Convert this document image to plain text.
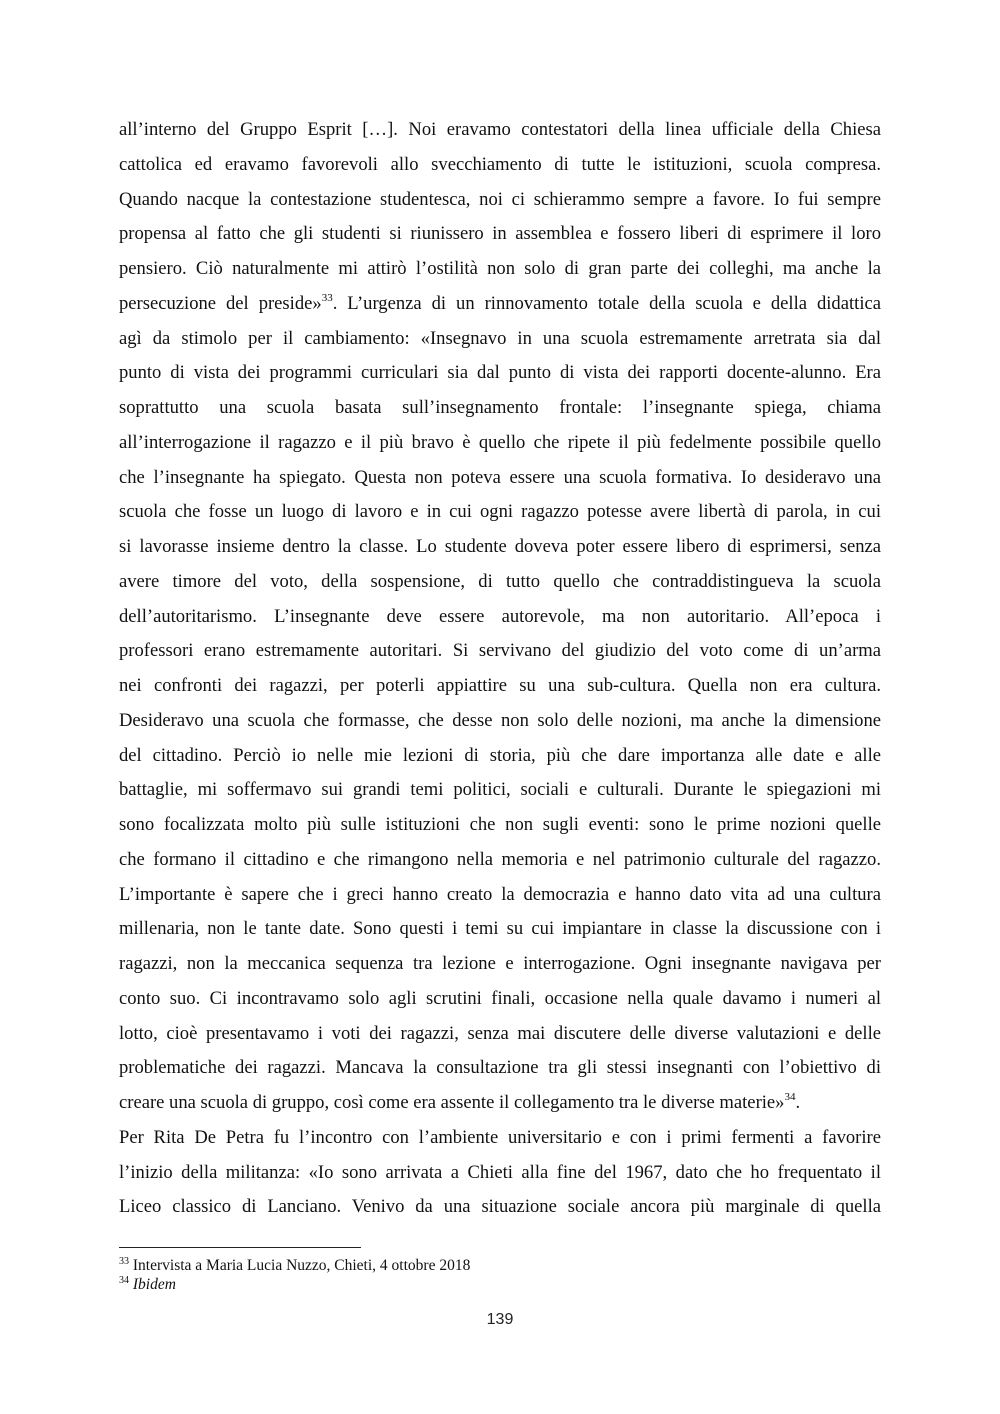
all’interno del Gruppo Esprit […]. Noi eravamo contestatori della linea ufficiale della Chiesa
cattolica ed eravamo favorevoli allo svecchiamento di tutte le istituzioni, scuola compresa.
Quando nacque la contestazione studentesca, noi ci schierammo sempre a favore. Io fui sempre
propensa al fatto che gli studenti si riunissero in assemblea e fossero liberi di esprimere il loro
pensiero. Ciò naturalmente mi attirò l’ostilità non solo di gran parte dei colleghi, ma anche la
persecuzione del preside»$^{33}$. L’urgenza di un rinnovamento totale della scuola e della didattica
agì da stimolo per il cambiamento: «Insegnavo in una scuola estremamente arretrata sia dal
punto di vista dei programmi curriculari sia dal punto di vista dei rapporti docente-alunno. Era
soprattutto una scuola basata sull’insegnamento frontale: l’insegnante spiega, chiama
all’interrogazione il ragazzo e il più bravo è quello che ripete il più fedelmente possibile quello
che l’insegnante ha spiegato. Questa non poteva essere una scuola formativa. Io desideravo una
scuola che fosse un luogo di lavoro e in cui ogni ragazzo potesse avere libertà di parola, in cui
si lavorasse insieme dentro la classe. Lo studente doveva poter essere libero di esprimersi, senza
avere timore del voto, della sospensione, di tutto quello che contraddistingueva la scuola
dell’autoritarismo. L’insegnante deve essere autorevole, ma non autoritario. All’epoca i
professori erano estremamente autoritari. Si servivano del giudizio del voto come di un’arma
nei confronti dei ragazzi, per poterli appiattire su una sub-cultura. Quella non era cultura.
Desideravo una scuola che formasse, che desse non solo delle nozioni, ma anche la dimensione
del cittadino. Perciò io nelle mie lezioni di storia, più che dare importanza alle date e alle
battaglie, mi soffermavo sui grandi temi politici, sociali e culturali. Durante le spiegazioni mi
sono focalizzata molto più sulle istituzioni che non sugli eventi: sono le prime nozioni quelle
che formano il cittadino e che rimangono nella memoria e nel patrimonio culturale del ragazzo.
L’importante è sapere che i greci hanno creato la democrazia e hanno dato vita ad una cultura
millenaria, non le tante date. Sono questi i temi su cui impiantare in classe la discussione con i
ragazzi, non la meccanica sequenza tra lezione e interrogazione. Ogni insegnante navigava per
conto suo. Ci incontravamo solo agli scrutini finali, occasione nella quale davamo i numeri al
lotto, cioè presentavamo i voti dei ragazzi, senza mai discutere delle diverse valutazioni e delle
problematiche dei ragazzi. Mancava la consultazione tra gli stessi insegnanti con l’obiettivo di
creare una scuola di gruppo, così come era assente il collegamento tra le diverse materie»$^{34}$.
Per Rita De Petra fu l’incontro con l’ambiente universitario e con i primi fermenti a favorire
l’inizio della militanza: «Io sono arrivata a Chieti alla fine del 1967, dato che ho frequentato il
Liceo classico di Lanciano. Venivo da una situazione sociale ancora più marginale di quella
$^{33}$ Intervista a Maria Lucia Nuzzo, Chieti, 4 ottobre 2018
$^{34}$ Ibidem
139
